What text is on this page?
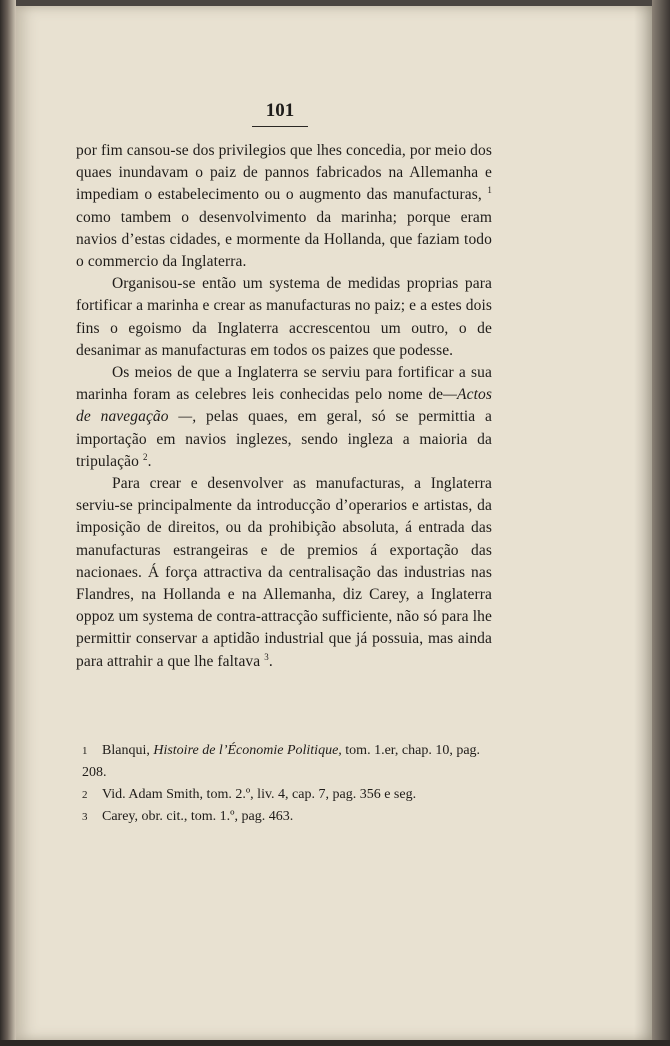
101

por fim cansou-se dos privilegios que lhes concedia, por meio dos quaes inundavam o paiz de pannos fabricados na Allemanha e impediam o estabelecimento ou o augmento das manufacturas, $^1$ como tambem o desenvolvimento da marinha; porque eram navios d’estas cidades, e mormente da Hollanda, que faziam todo o commercio da Inglaterra.

Organisou-se então um systema de medidas proprias para fortificar a marinha e crear as manufacturas no paiz; e a estes dois fins o egoismo da Inglaterra accrescentou um outro, o de desanimar as manufacturas em todos os paizes que podesse.

Os meios de que a Inglaterra se serviu para fortificar a sua marinha foram as celebres leis conhecidas pelo nome de—Actos de navegação —, pelas quaes, em geral, só se permittia a importação em navios inglezes, sendo ingleza a maioria da tripulação $^2$.

Para crear e desenvolver as manufacturas, a Inglaterra serviu-se principalmente da introducção d’operarios e artistas, da imposição de direitos, ou da prohibição absoluta, á entrada das manufacturas estrangeiras e de premios á exportação das nacionaes. Á força attractiva da centralisação das industrias nas Flandres, na Hollanda e na Allemanha, diz Carey, a Inglaterra oppoz um systema de contra-attracção sufficiente, não só para lhe permittir conservar a aptidão industrial que já possuia, mas ainda para attrahir a que lhe faltava $^3$.

1 Blanqui, Histoire de l’Économie Politique, tom. 1.er, chap. 10, pag. 208.

2 Vid. Adam Smith, tom. 2.º, liv. 4, cap. 7, pag. 356 e seg.

3 Carey, obr. cit., tom. 1.º, pag. 463.
